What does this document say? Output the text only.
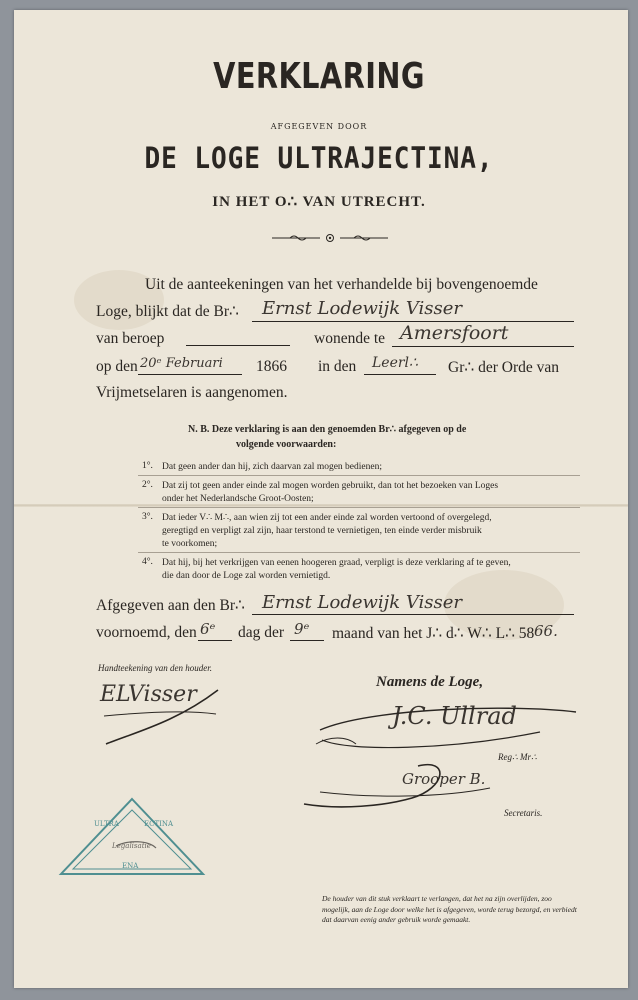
VERKLARING
AFGEGEVEN DOOR
DE LOGE ULTRAJECTINA,
IN HET O∴ VAN UTRECHT.
Uit de aanteekeningen van het verhandelde bij bovengenoemde
Loge, blijkt dat de Br∴ Ernst Lodewijk Visser
van beroep	wonende te Amersfoort
op den 20ᵉ Februari 1866 in den Leerl∴ Gr∴ der Orde van
Vrijmetselaren is aangenomen.
N. B. Deze verklaring is aan den genoemden Br∴ afgegeven op de
volgende voorwaarden:
1°. Dat geen ander dan hij, zich daarvan zal mogen bedienen;
2°. Dat zij tot geen ander einde zal mogen worden gebruikt, dan tot het bezoeken van Loges
onder het Nederlandsche Groot-Oosten;
3°. Dat ieder V∴ M∴, aan wien zij tot een ander einde zal worden vertoond of overgelegd,
geregtigd en verpligt zal zijn, haar terstond te vernietigen, ten einde verder misbruik
te voorkomen;
4°. Dat hij, bij het verkrijgen van eenen hoogeren graad, verpligt is deze verklaring af te geven,
die dan door de Loge zal worden vernietigd.
Afgegeven aan den Br∴ Ernst Lodewijk Visser
voornoemd, den 6ᵉ dag der 9ᵉ maand van het J∴ d∴ W∴ L∴ 58 66.
Handteekening van den houder.
ELVisser	Namens de Loge,
J.C. Ullrad
Reg∴ Mr∴
Grooper B.
Secretaris.
ULTRA	ECTINA
Legalisatie
ENA
De houder van dit stuk verklaart te verlangen, dat het na zijn overlijden, zoo mogelijk, aan de Loge door welke het is afgegeven, worde terug bezorgd, en verbiedt dat daarvan eenig ander gebruik worde gemaakt.
